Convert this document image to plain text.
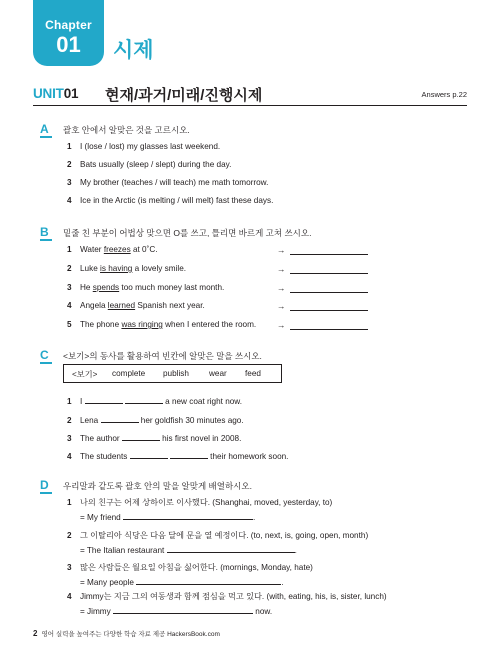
Chapter
01	시제
UNIT01 현재/과거/미래/진행시제	Answers p.22
A 괄호 안에서 알맞은 것을 고르시오.
1 I (lose / lost) my glasses last weekend.
2 Bats usually (sleep / slept) during the day.
3 My brother (teaches / will teach) me math tomorrow.
4 Ice in the Arctic (is melting / will melt) fast these days.
B 밑줄 친 부분이 어법상 맞으면 O를 쓰고, 틀리면 바르게 고쳐 쓰시오.
1 Water freezes at 0˚C.	→
2 Luke is having a lovely smile.	→
3 He spends too much money last month.	→
4 Angela learned Spanish next year.	→
5 The phone was ringing when I entered the room. →
C <보기>의 동사를 활용하여 빈칸에 알맞은 말을 쓰시오.
<보기> complete publish wear feed
1 I	a new coat right now.
2 Lena	her goldfish 30 minutes ago.
3 The author	his first novel in 2008.
4 The students	their homework soon.
D 우리말과 같도록 괄호 안의 말을 알맞게 배열하시오.
1 나의 친구는 어제 상하이로 이사했다. (Shanghai, moved, yesterday, to)
= My friend	.
2 그 이탈리아 식당은 다음 달에 문을 열 예정이다. (to, next, is, going, open, month)
= The Italian restaurant	.
3 많은 사람들은 월요일 아침을 싫어한다. (mornings, Monday, hate)
= Many people	.
4 Jimmy는 지금 그의 여동생과 함께 점심을 먹고 있다. (with, eating, his, is, sister, lunch)
= Jimmy	now.
2 영어 실력을 높여주는 다양한 학습 자료 제공 HackersBook.com
